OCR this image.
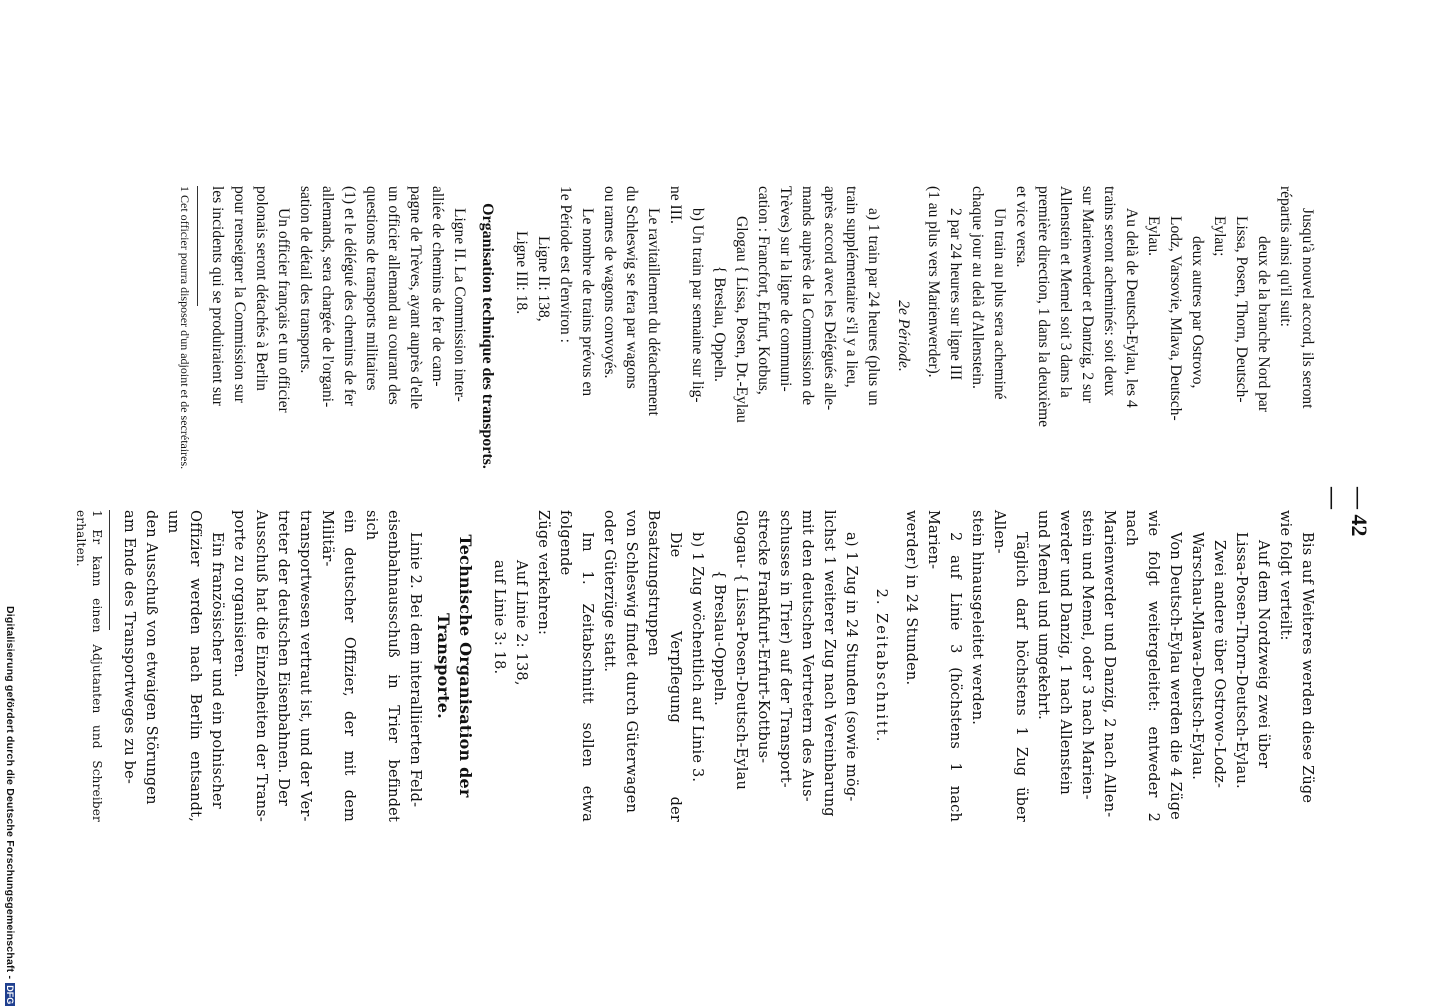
— 42 —

Jusqu'à nouvel accord, ils seront

répartis ainsi qu'il suit:

deux de la branche Nord par

Lissa, Posen, Thorn, Deutsch-

Eylau;

deux autres par Ostrovo,

Lodz, Varsovie, Mlava, Deutsch-

Eylau.

Au delà de Deutsch-Eylau, les 4

trains seront acheminés: soit deux

sur Marienwerder et Dantzig, 2 sur

Allenstein et Memel soit 3 dans la

première direction, 1 dans la deuxième

et vice versa.

Un train au plus sera acheminé

chaque jour au delà d'Allenstein.

2 par 24 heures sur ligne III

(1 au plus vers Marienwerder).

2e Période.

a) 1 train par 24 heures (plus un

train supplémentaire s'il y a lieu,

après accord avec les Délégués alle-

mands auprès de la Commission de

Trèves) sur la ligne de communi-

cation : Francfort, Erfurt, Kotbus,

Glogau { Lissa, Posen, Dt.-Eylau

{ Breslau, Oppeln.

b) Un train par semaine sur lig-

ne III.

Le ravitaillement du détachement

du Schleswig se fera par wagons

ou rames de wagons convoyés.

Le nombre de trains prévus en

1e Période est d'environ :

Ligne II: 138,

Ligne III: 18.

Organisation technique des transports.

Ligne II. La Commission inter-

alliée de chemins de fer de cam-

pagne de Trèves, ayant auprès d'elle

un officier allemand au courant des

questions de transports militaires

(1) et le délégué des chemins de fer

allemands, sera chargée de l'organi-

sation de détail des transports.

Un officier français et un officier

polonais seront détachés à Berlin

pour renseigner la Commission sur

les incidents qui se produiraient sur

1 Cet officier pourra disposer d'un adjoint et de secrétaires.

Bis auf Weiteres werden diese Züge

wie folgt verteilt:

Auf dem Nordzweig zwei über

Lissa-Posen-Thorn-Deutsch-Eylau.

Zwei andere über Ostrowo-Lodz-

Warschau-Mlawa-Deutsch-Eylau.

Von Deutsch-Eylau werden die 4 Züge

wie folgt weitergeleitet: entweder 2 nach

Marienwerder und Danzig, 2 nach Allen-

stein und Memel, oder 3 nach Marien-

werder und Danzig, 1 nach Allenstein

und Memel und umgekehrt.

Täglich darf höchstens 1 Zug über Allen-

stein hinausgeleitet werden.

2 auf Linie 3 (höchstens 1 nach Marien-

werder) in 24 Stunden.

2. Zeitabschnitt.

a) 1 Zug in 24 Stunden (sowie mög-

lichst 1 weiterer Zug nach Vereinbarung

mit den deutschen Vertretern des Aus-

schusses in Trier) auf der Transport-

strecke Frankfurt-Erfurt-Kottbus-

Glogau- { Lissa-Posen-Deutsch-Eylau

{ Breslau-Oppeln.

b) 1 Zug wöchentlich auf Linie 3.

Die Verpflegung der Besatzungstruppen

von Schleswig findet durch Güterwagen

oder Güterzüge statt.

Im 1. Zeitabschnitt sollen etwa folgende

Züge verkehren:

Auf Linie 2: 138,

auf Linie 3: 18.

Technische Organisation der

Transporte.

Linie 2. Bei dem interalliierten Feld-

eisenbahnausschuß in Trier befindet sich

ein deutscher Offizier, der mit dem Militär-

transportwesen vertraut ist, und der Ver-

treter der deutschen Eisenbahnen. Der

Ausschuß hat die Einzelheiten der Trans-

porte zu organisieren.

Ein französischer und ein polnischer

Offizier werden nach Berlin entsandt, um

den Ausschuß von etwaigen Störungen

am Ende des Transportweges zu be-

1 Er kann einen Adjutanten und Schreiber erhalten.

Digitalisierung gefördert durch die Deutsche Forschungsgemeinschaft - DFG
